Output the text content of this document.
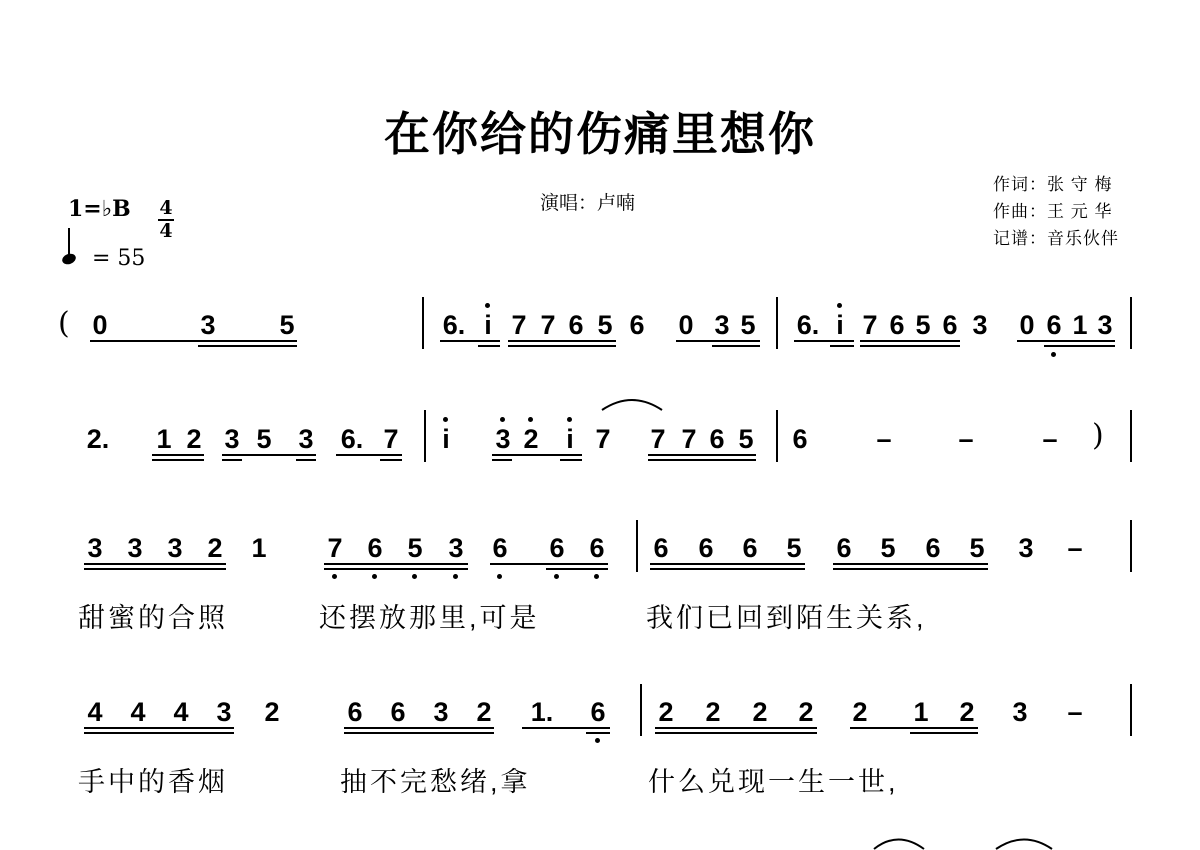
在你给的伤痛里想你
演唱：卢喃
作词：张 守 梅
作曲：王 元 华
记谱：音乐伙伴
1=♭B 4
4
= 55
( 0	3 5	6. i 7 7 6 5 6 0 3 5 6. i 7 6 5 6 3 0 6 1 3
2. 1 2 3 5 3 6. 7 i 3 2 i 7 7 7 6 5 6	– –	– )
3 3 3 2 1 7 6 5 3 6 6 6 6 6 6 5 6 5 6 5 3 –
甜蜜的合照	还摆放那里,可是	我们已回到陌生关系,
4 4 4 3 2	6 6 3 2 1. 6 2 2 2 2 2 1 2 3 –
手中的香烟	抽不完愁绪,拿	什么兑现一生一世,
